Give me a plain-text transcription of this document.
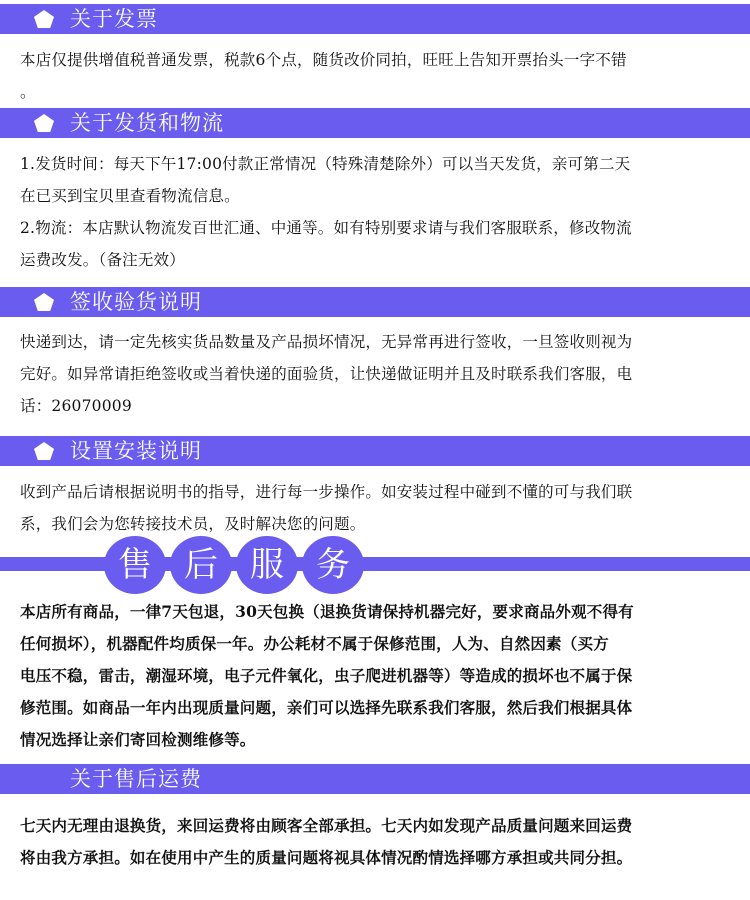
关于发票
本店仅提供增值税普通发票，税款6个点，随货改价同拍，旺旺上告知开票抬头一字不错
。
关于发货和物流
1.发货时间：每天下午17:00付款正常情况（特殊清楚除外）可以当天发货，亲可第二天
在已买到宝贝里查看物流信息。
2.物流：本店默认物流发百世汇通、中通等。如有特别要求请与我们客服联系，修改物流
运费改发。（备注无效）
签收验货说明
快递到达，请一定先核实货品数量及产品损坏情况，无异常再进行签收，一旦签收则视为
完好。如异常请拒绝签收或当着快递的面验货，让快递做证明并且及时联系我们客服，电
话：26070009
设置安装说明
收到产品后请根据说明书的指导，进行每一步操作。如安装过程中碰到不懂的可与我们联
系，我们会为您转接技术员，及时解决您的问题。
售 后 服 务
本店所有商品，一律7天包退，30天包换（退换货请保持机器完好，要求商品外观不得有
任何损坏），机器配件均质保一年。办公耗材不属于保修范围，人为、自然因素（买方
电压不稳，雷击，潮湿环境，电子元件氧化，虫子爬进机器等）等造成的损坏也不属于保
修范围。如商品一年内出现质量问题，亲们可以选择先联系我们客服，然后我们根据具体
情况选择让亲们寄回检测维修等。
关于售后运费
七天内无理由退换货，来回运费将由顾客全部承担。七天内如发现产品质量问题来回运费
将由我方承担。如在使用中产生的质量问题将视具体情况酌情选择哪方承担或共同分担。
